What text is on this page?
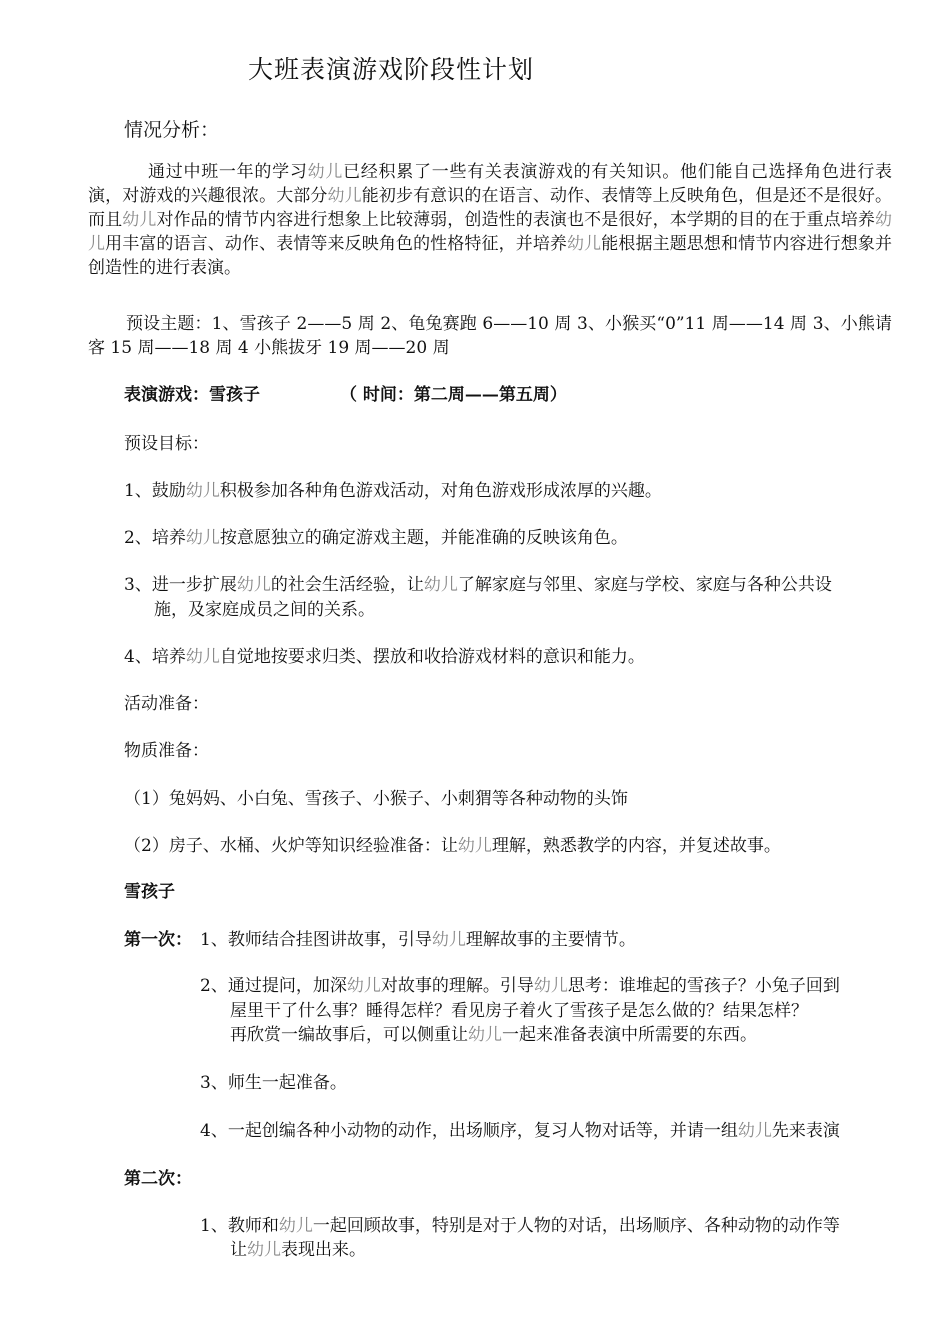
大班表演游戏阶段性计划
情况分析：
通过中班一年的学习幼儿已经积累了一些有关表演游戏的有关知识。他们能自己选择角色进行表演，对游戏的兴趣很浓。大部分幼儿能初步有意识的在语言、动作、表情等上反映角色，但是还不是很好。而且幼儿对作品的情节内容进行想象上比较薄弱，创造性的表演也不是很好，本学期的目的在于重点培养幼儿用丰富的语言、动作、表情等来反映角色的性格特征，并培养幼儿能根据主题思想和情节内容进行想象并创造性的进行表演。
预设主题：1、雪孩子 2——5 周 2、龟兔赛跑 6——10 周 3、小猴买“0”11 周——14 周 3、小熊请客 15 周——18 周 4 小熊拔牙 19 周——20 周
表演游戏：雪孩子	（ 时间：第二周——第五周）
预设目标：
1、鼓励幼儿积极参加各种角色游戏活动，对角色游戏形成浓厚的兴趣。
2、培养幼儿按意愿独立的确定游戏主题，并能准确的反映该角色。
3、进一步扩展幼儿的社会生活经验，让幼儿了解家庭与邻里、家庭与学校、家庭与各种公共设
施，及家庭成员之间的关系。
4、培养幼儿自觉地按要求归类、摆放和收拾游戏材料的意识和能力。
活动准备：
物质准备：
（1）兔妈妈、小白兔、雪孩子、小猴子、小刺猬等各种动物的头饰
（2）房子、水桶、火炉等知识经验准备：让幼儿理解，熟悉教学的内容，并复述故事。
雪孩子
第一次： 1、教师结合挂图讲故事，引导幼儿理解故事的主要情节。
2、通过提问，加深幼儿对故事的理解。引导幼儿思考：谁堆起的雪孩子？小兔子回到
屋里干了什么事？睡得怎样？看见房子着火了雪孩子是怎么做的？结果怎样？
再欣赏一编故事后，可以侧重让幼儿一起来准备表演中所需要的东西。
3、师生一起准备。
4、一起创编各种小动物的动作，出场顺序，复习人物对话等，并请一组幼儿先来表演
第二次：
1、教师和幼儿一起回顾故事，特别是对于人物的对话，出场顺序、各种动物的动作等
让幼儿表现出来。
